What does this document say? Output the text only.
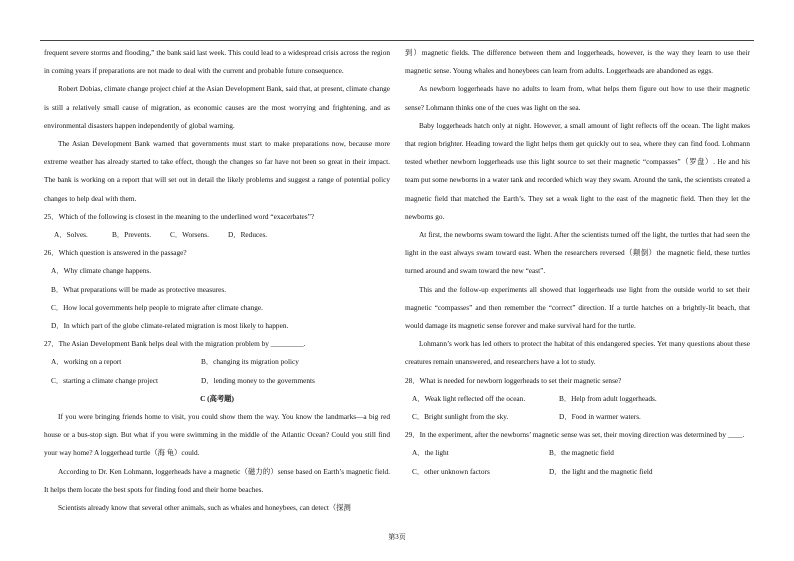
frequent severe storms and flooding,” the bank said last week. This could lead to a widespread crisis across the region in coming years if preparations are not made to deal with the current and probable future consequence.

Robert Dobias, climate change project chief at the Asian Development Bank, said that, at present, climate change is still a relatively small cause of migration, as economic causes are the most worrying and frightening, and as environmental disasters happen independently of global warning.

The Asian Development Bank warned that governments must start to make preparations now, because more extreme weather has already started to take effect, though the changes so far have not been so great in their impact. The bank is working on a report that will set out in detail the likely problems and suggest a range of potential policy changes to help deal with them.

25．Which of the following is closest in the meaning to the underlined word “exacerbates”?

A．Solves.	B．Prevents.	C．Worsens.	D．Reduces.

26．Which question is answered in the passage?

A．Why climate change happens.

B．What preparations will be made as protective measures.

C．How local governments help people to migrate after climate change.

D．In which part of the globe climate-related migration is most likely to happen.

27．The Asian Development Bank helps deal with the migration problem by _________.

A．working on a report	B．changing its migration policy
C．starting a climate change project	D．lending money to the governments

C (高考题)

If you were bringing friends home to visit, you could show them the way. You know the landmarks—a big red house or a bus-stop sign. But what if you were swimming in the middle of the Atlantic Ocean? Could you still find your way home? A loggerhead turtle（海 龟）could.

According to Dr. Ken Lohmann, loggerheads have a magnetic（磁力的）sense based on Earth’s magnetic field. It helps them locate the best spots for finding food and their home beaches.

Scientists already know that several other animals, such as whales and honeybees, can detect（探测

到）magnetic fields. The difference between them and loggerheads, however, is the way they learn to use their magnetic sense. Young whales and honeybees can learn from adults. Loggerheads are abandoned as eggs.

As newborn loggerheads have no adults to learn from, what helps them figure out how to use their magnetic sense? Lohmann thinks one of the cues was light on the sea.

Baby loggerheads hatch only at night. However, a small amount of light reflects off the ocean. The light makes that region brighter. Heading toward the light helps them get quickly out to sea, where they can find food. Lohmann tested whether newborn loggerheads use this light source to set their magnetic “compasses”（罗盘）. He and his team put some newborns in a water tank and recorded which way they swam. Around the tank, the scientists created a magnetic field that matched the Earth’s. They set a weak light to the east of the magnetic field. Then they let the newborns go.

At first, the newborns swam toward the light. After the scientists turned off the light, the turtles that had seen the light in the east always swam toward east. When the researchers reversed（颠倒）the magnetic field, these turtles turned around and swam toward the new “east”.

This and the follow-up experiments all showed that loggerheads use light from the outside world to set their magnetic “compasses” and then remember the “correct” direction. If a turtle hatches on a brightly-lit beach, that would damage its magnetic sense forever and make survival hard for the turtle.

Lohmann’s work has led others to protect the habitat of this endangered species. Yet many questions about these creatures remain unanswered, and researchers have a lot to study.

28．What is needed for newborn loggerheads to set their magnetic sense?

A．Weak light reflected off the ocean.	B．Help from adult loggerheads.
C．Bright sunlight from the sky.	D．Food in warmer waters.

29．In the experiment, after the newborns’ magnetic sense was set, their moving direction was determined by ____.

A．the light	B．the magnetic field
C．other unknown factors	D．the light and the magnetic field
第3页
